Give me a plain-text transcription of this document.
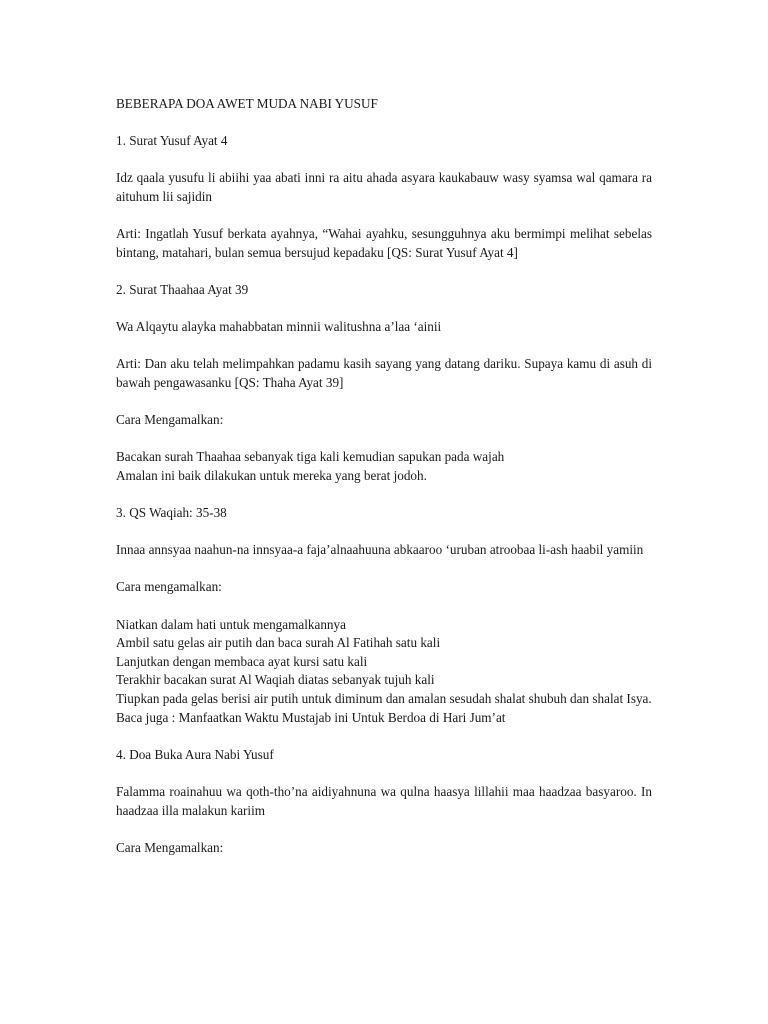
BEBERAPA DOA AWET MUDA NABI YUSUF

1. Surat Yusuf Ayat 4

Idz qaala yusufu li abiihi yaa abati inni ra aitu ahada asyara kaukabauw wasy syamsa wal qamara ra aituhum lii sajidin

Arti: Ingatlah Yusuf berkata ayahnya, “Wahai ayahku, sesungguhnya aku bermimpi melihat sebelas bintang, matahari, bulan semua bersujud kepadaku [QS: Surat Yusuf Ayat 4]

2. Surat Thaahaa Ayat 39

Wa Alqaytu alayka mahabbatan minnii walitushna a’laa ‘ainii

Arti: Dan aku telah melimpahkan padamu kasih sayang yang datang dariku. Supaya kamu di asuh di bawah pengawasanku [QS: Thaha Ayat 39]

Cara Mengamalkan:

Bacakan surah Thaahaa sebanyak tiga kali kemudian sapukan pada wajah

Amalan ini baik dilakukan untuk mereka yang berat jodoh.

3. QS Waqiah: 35-38

Innaa annsyaa naahun-na innsyaa-a faja’alnaahuuna abkaaroo ‘uruban atroobaa li-ash haabil yamiin

Cara mengamalkan:

Niatkan dalam hati untuk mengamalkannya

Ambil satu gelas air putih dan baca surah Al Fatihah satu kali

Lanjutkan dengan membaca ayat kursi satu kali

Terakhir bacakan surat Al Waqiah diatas sebanyak tujuh kali

Tiupkan pada gelas berisi air putih untuk diminum dan amalan sesudah shalat shubuh dan shalat Isya.

Baca juga : Manfaatkan Waktu Mustajab ini Untuk Berdoa di Hari Jum’at

4. Doa Buka Aura Nabi Yusuf

Falamma roainahuu wa qoth-tho’na aidiyahnuna wa qulna haasya lillahii maa haadzaa basyaroo. In haadzaa illa malakun kariim

Cara Mengamalkan:
